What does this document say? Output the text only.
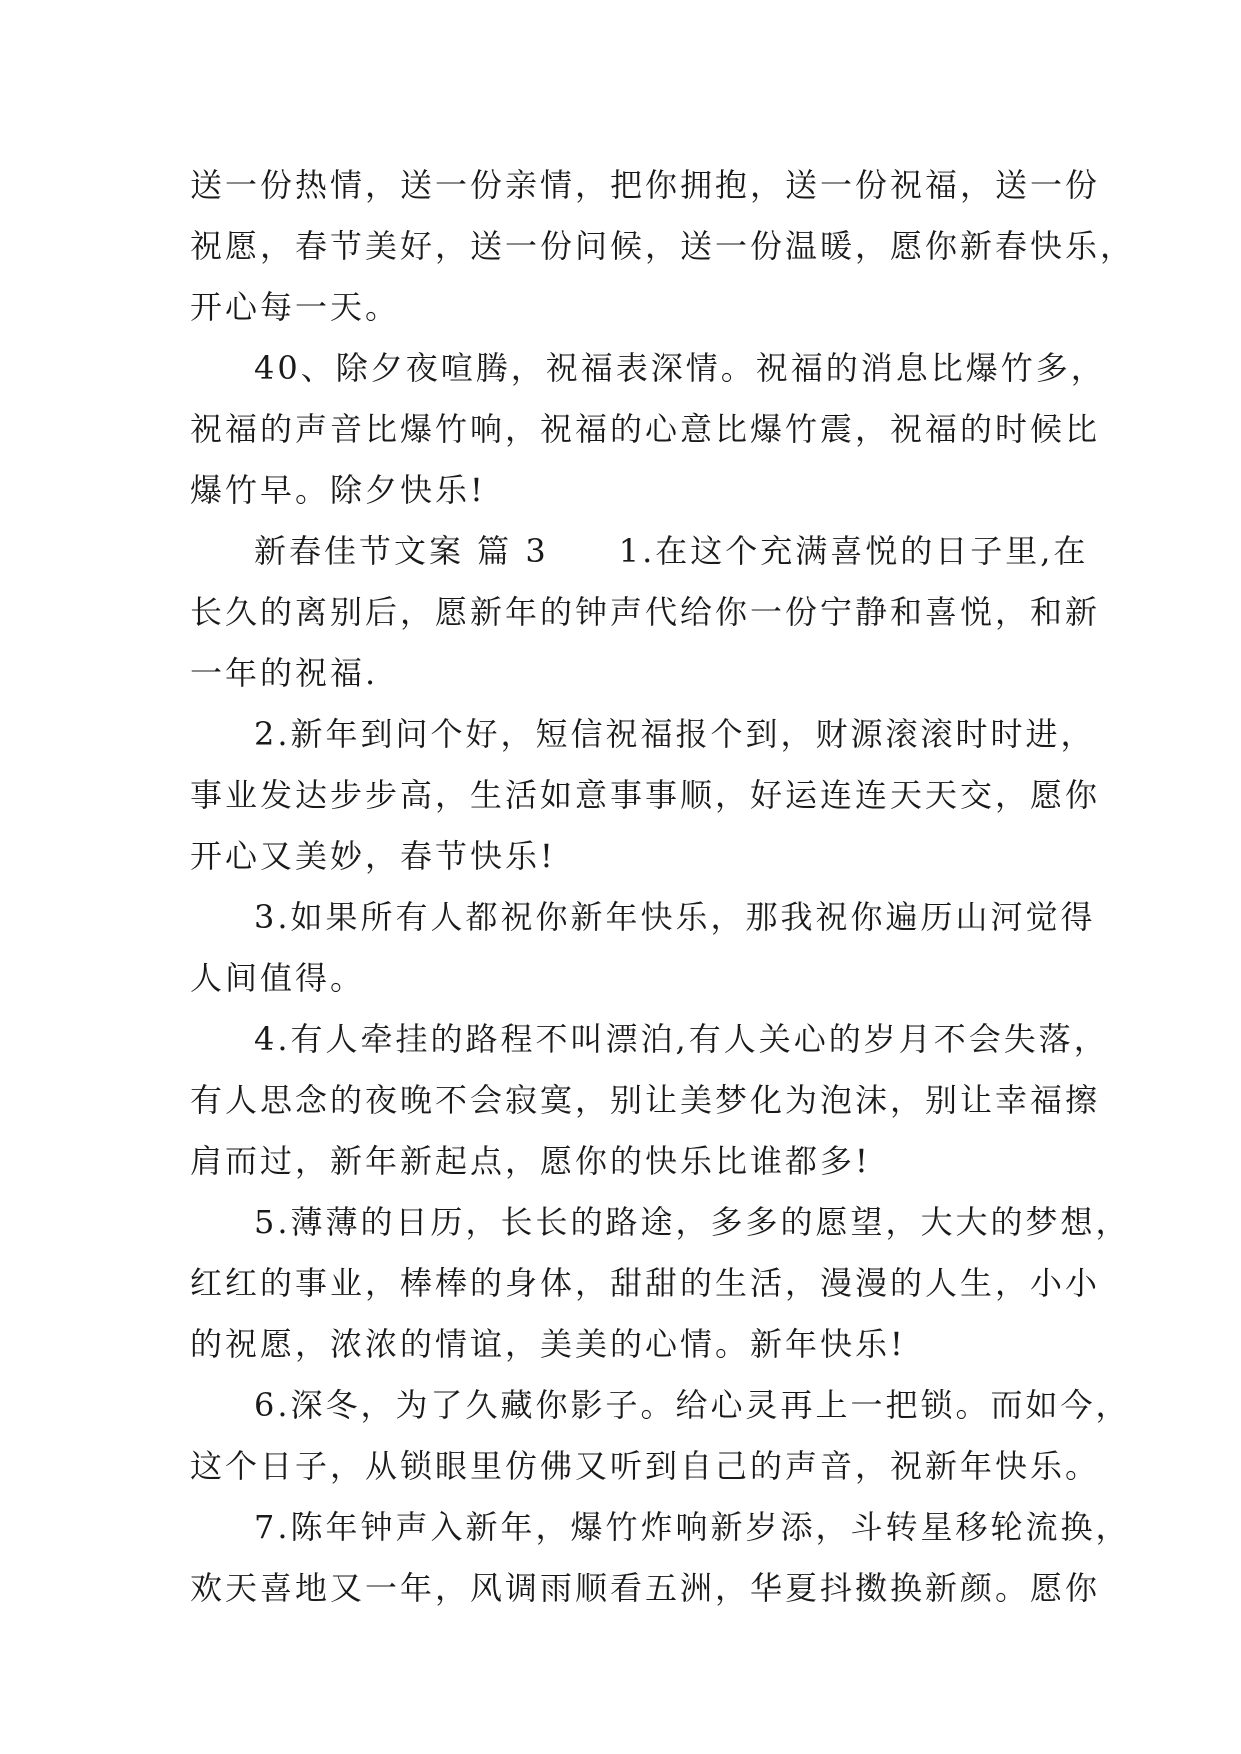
送一份热情，送一份亲情，把你拥抱，送一份祝福，送一份
祝愿，春节美好，送一份问候，送一份温暖，愿你新春快乐，
开心每一天。
40、除夕夜喧腾，祝福表深情。祝福的消息比爆竹多，
祝福的声音比爆竹响，祝福的心意比爆竹震，祝福的时候比
爆竹早。除夕快乐!
新春佳节文案 篇 3 1.在这个充满喜悦的日子里,在
长久的离别后，愿新年的钟声代给你一份宁静和喜悦，和新
一年的祝福.
2.新年到问个好，短信祝福报个到，财源滚滚时时进，
事业发达步步高，生活如意事事顺，好运连连天天交，愿你
开心又美妙，春节快乐!
3.如果所有人都祝你新年快乐，那我祝你遍历山河觉得
人间值得。
4.有人牵挂的路程不叫漂泊,有人关心的岁月不会失落，
有人思念的夜晚不会寂寞，别让美梦化为泡沫，别让幸福擦
肩而过，新年新起点，愿你的快乐比谁都多!
5.薄薄的日历，长长的路途，多多的愿望，大大的梦想，
红红的事业，棒棒的身体，甜甜的生活，漫漫的人生，小小
的祝愿，浓浓的情谊，美美的心情。新年快乐!
6.深冬，为了久藏你影子。给心灵再上一把锁。而如今，
这个日子，从锁眼里仿佛又听到自己的声音，祝新年快乐。
7.陈年钟声入新年，爆竹炸响新岁添，斗转星移轮流换，
欢天喜地又一年，风调雨顺看五洲，华夏抖擞换新颜。愿你
